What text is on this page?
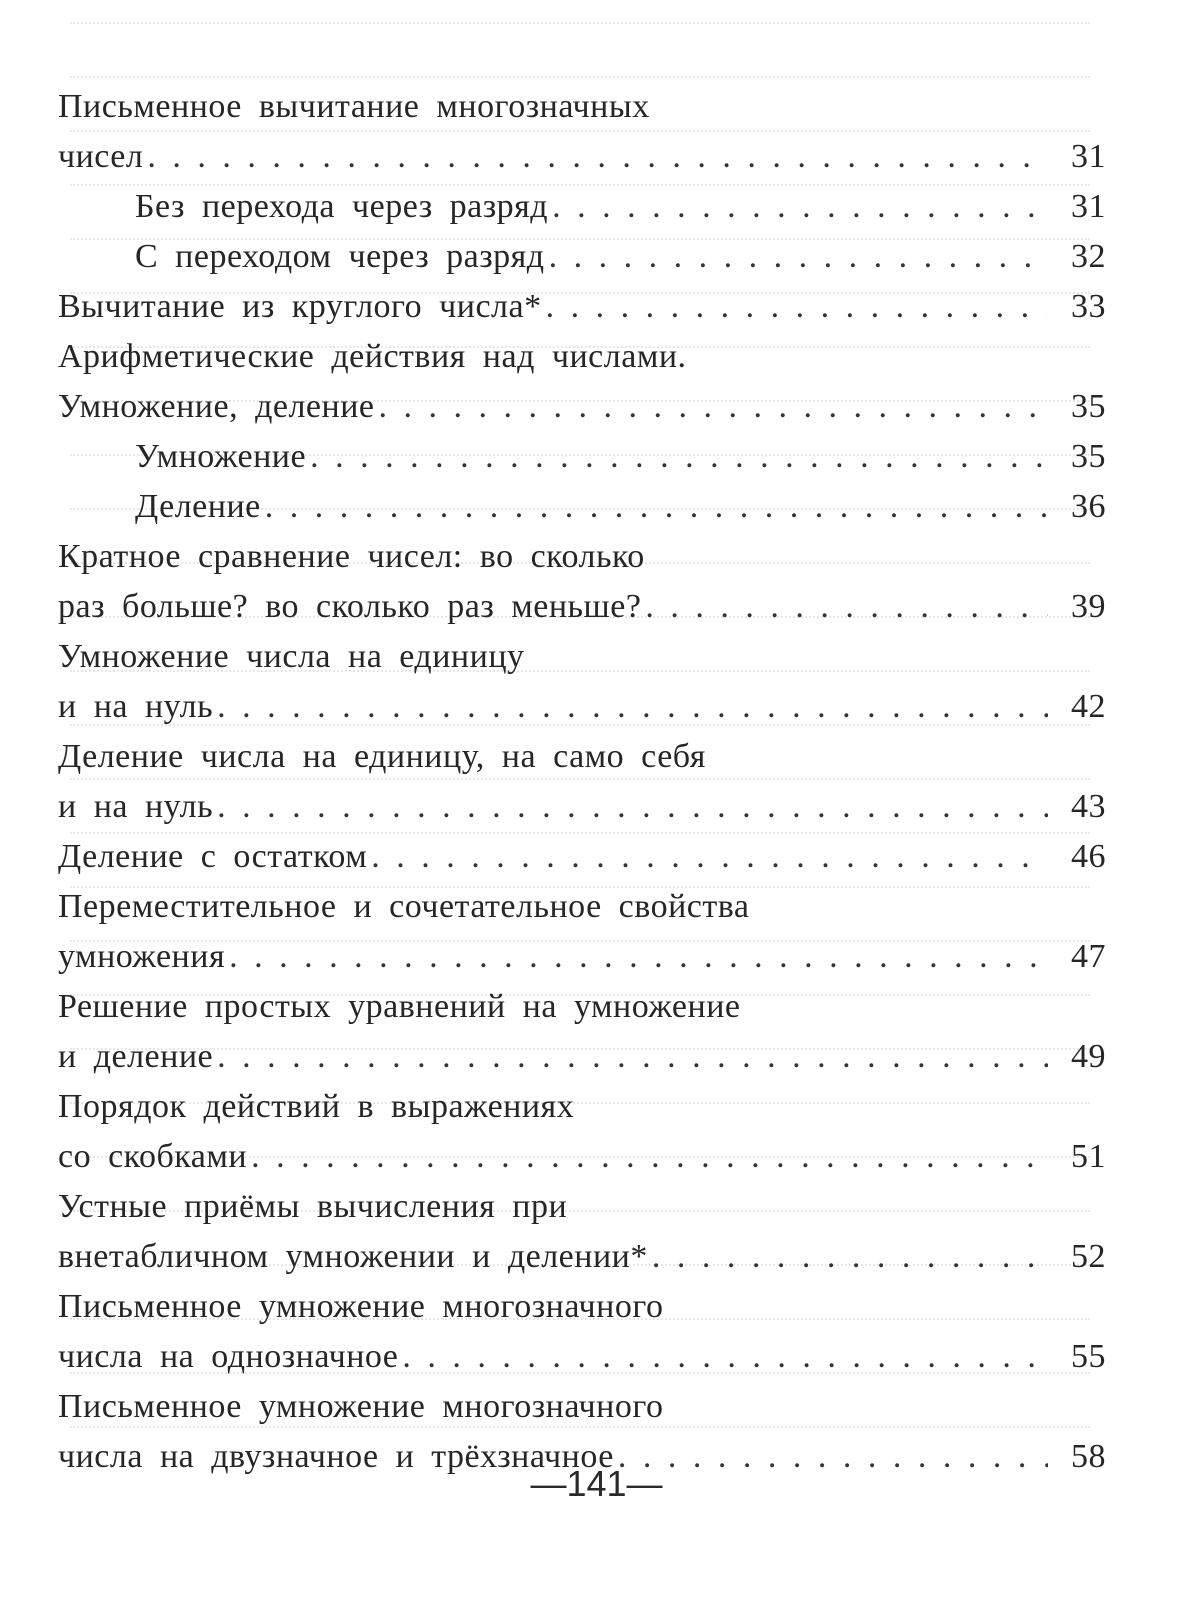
Письменное вычитание многозначных
чисел . . .	31
Без перехода через разряд . . .	31
С переходом через разряд . . .	32
Вычитание из круглого числа* . . .	33
Арифметические действия над числами.
Умножение, деление . . .	35
Умножение . . .	35
Деление . . .	36
Кратное сравнение чисел: во сколько
раз больше? во сколько раз меньше? . . .	39
Умножение числа на единицу
и на нуль . . .	42
Деление числа на единицу, на само себя
и на нуль . . .	43
Деление с остатком . . .	46
Переместительное и сочетательное свойства
умножения . . .	47
Решение простых уравнений на умножение
и деление . . .	49
Порядок действий в выражениях
со скобками . . .	51
Устные приёмы вычисления при
внетабличном умножении и делении* . . .	52
Письменное умножение многозначного
числа на однозначное . . .	55
Письменное умножение многозначного
числа на двузначное и трёхзначное . . .	58
—141—
